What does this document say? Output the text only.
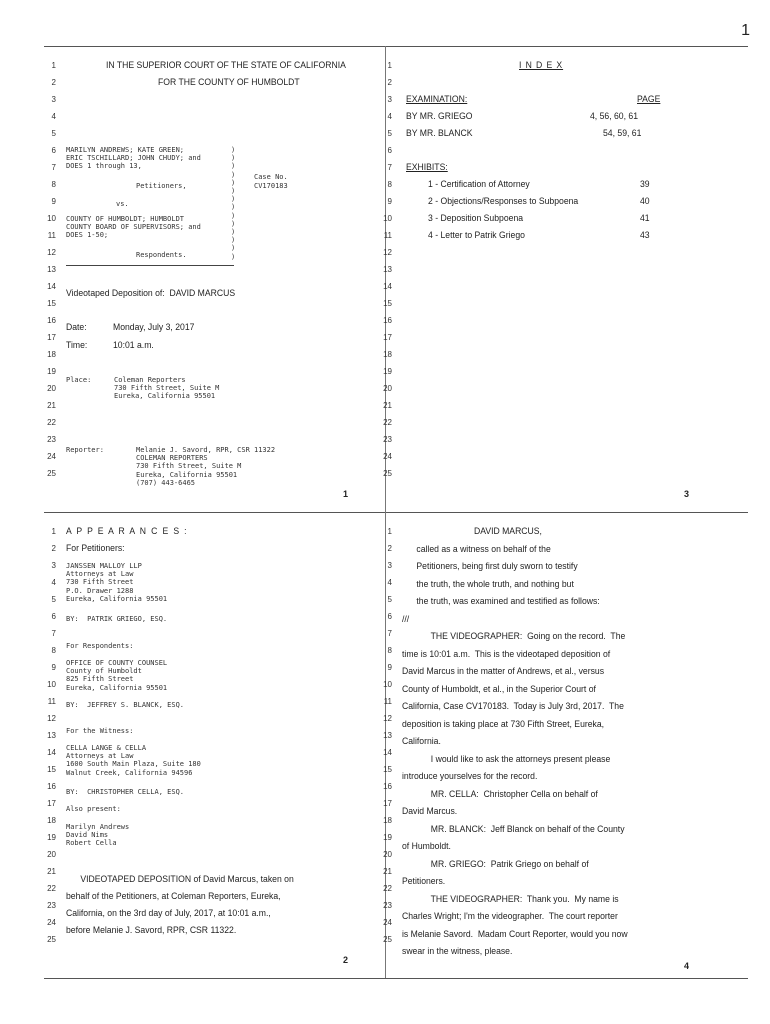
1
IN THE SUPERIOR COURT OF THE STATE OF CALIFORNIA
FOR THE COUNTY OF HUMBOLDT
MARILYN ANDREWS; KATE GREEN;
ERIC TSCHILLARD; JOHN CHUDY; and
DOES 1 through 13,
Petitioners,
vs.
COUNTY OF HUMBOLDT; HUMBOLDT
COUNTY BOARD OF SUPERVISORS; and
DOES 1-50;
Respondents.
)
)
)
)
)
)
)
)
)
)
)
)
)
)
Case No.
CV170183
Videotaped Deposition of:  DAVID MARCUS
Date:	Monday, July 3, 2017
Time:	10:01 a.m.
Place:	Coleman Reporters
730 Fifth Street, Suite M
Eureka, California 95501
Reporter:	Melanie J. Savord, RPR, CSR 11322
COLEMAN REPORTERS
730 Fifth Street, Suite M
Eureka, California 95501
(707) 443-6465
1
1
2
3
4
5
6
7
8
9
10
11
12
13
14
15
16
17
18
19
20
21
22
23
24
25
A P P E A R A N C E S :
For Petitioners:
JANSSEN MALLOY LLP
Attorneys at Law
730 Fifth Street
P.O. Drawer 1288
Eureka, California 95501
BY:  PATRIK GRIEGO, ESQ.
For Respondents:
OFFICE OF COUNTY COUNSEL
County of Humboldt
825 Fifth Street
Eureka, California 95501
BY:  JEFFREY S. BLANCK, ESQ.
For the Witness:
CELLA LANGE & CELLA
Attorneys at Law
1600 South Main Plaza, Suite 180
Walnut Creek, California 94596
BY:  CHRISTOPHER CELLA, ESQ.
Also present:
Marilyn Andrews
David Nims
Robert Cella
VIDEOTAPED DEPOSITION of David Marcus, taken on
behalf of the Petitioners, at Coleman Reporters, Eureka,
California, on the 3rd day of July, 2017, at 10:01 a.m.,
before Melanie J. Savord, RPR, CSR 11322.
2
1
2
3
4
5
6
7
8
9
10
11
12
13
14
15
16
17
18
19
20
21
22
23
24
25
I N D E X
EXAMINATION:	PAGE
BY MR. GRIEGO	4, 56, 60, 61
BY MR. BLANCK	54, 59, 61
EXHIBITS:
1 - Certification of Attorney	39
2 - Objections/Responses to Subpoena	40
3 - Deposition Subpoena	41
4 - Letter to Patrik Griego	43
3
1
2
3
4
5
6
7
8
9
10
11
12
13
14
15
16
17
18
19
20
21
22
23
24
25
4
1
2
3
4
5
6
7
8
9
10
11
12
13
14
15
16
17
18
19
20
21
22
23
24
25
DAVID MARCUS,
called as a witness on behalf of the
Petitioners, being first duly sworn to testify
the truth, the whole truth, and nothing but
the truth, was examined and testified as follows:
///
THE VIDEOGRAPHER:  Going on the record.  The
time is 10:01 a.m.  This is the videotaped deposition of
David Marcus in the matter of Andrews, et al., versus
County of Humboldt, et al., in the Superior Court of
California, Case CV170183.  Today is July 3rd, 2017.  The
deposition is taking place at 730 Fifth Street, Eureka,
California.
I would like to ask the attorneys present please
introduce yourselves for the record.
MR. CELLA:  Christopher Cella on behalf of
David Marcus.
MR. BLANCK:  Jeff Blanck on behalf of the County
of Humboldt.
MR. GRIEGO:  Patrik Griego on behalf of
Petitioners.
THE VIDEOGRAPHER:  Thank you.  My name is
Charles Wright; I'm the videographer.  The court reporter
is Melanie Savord.  Madam Court Reporter, would you now
swear in the witness, please.
